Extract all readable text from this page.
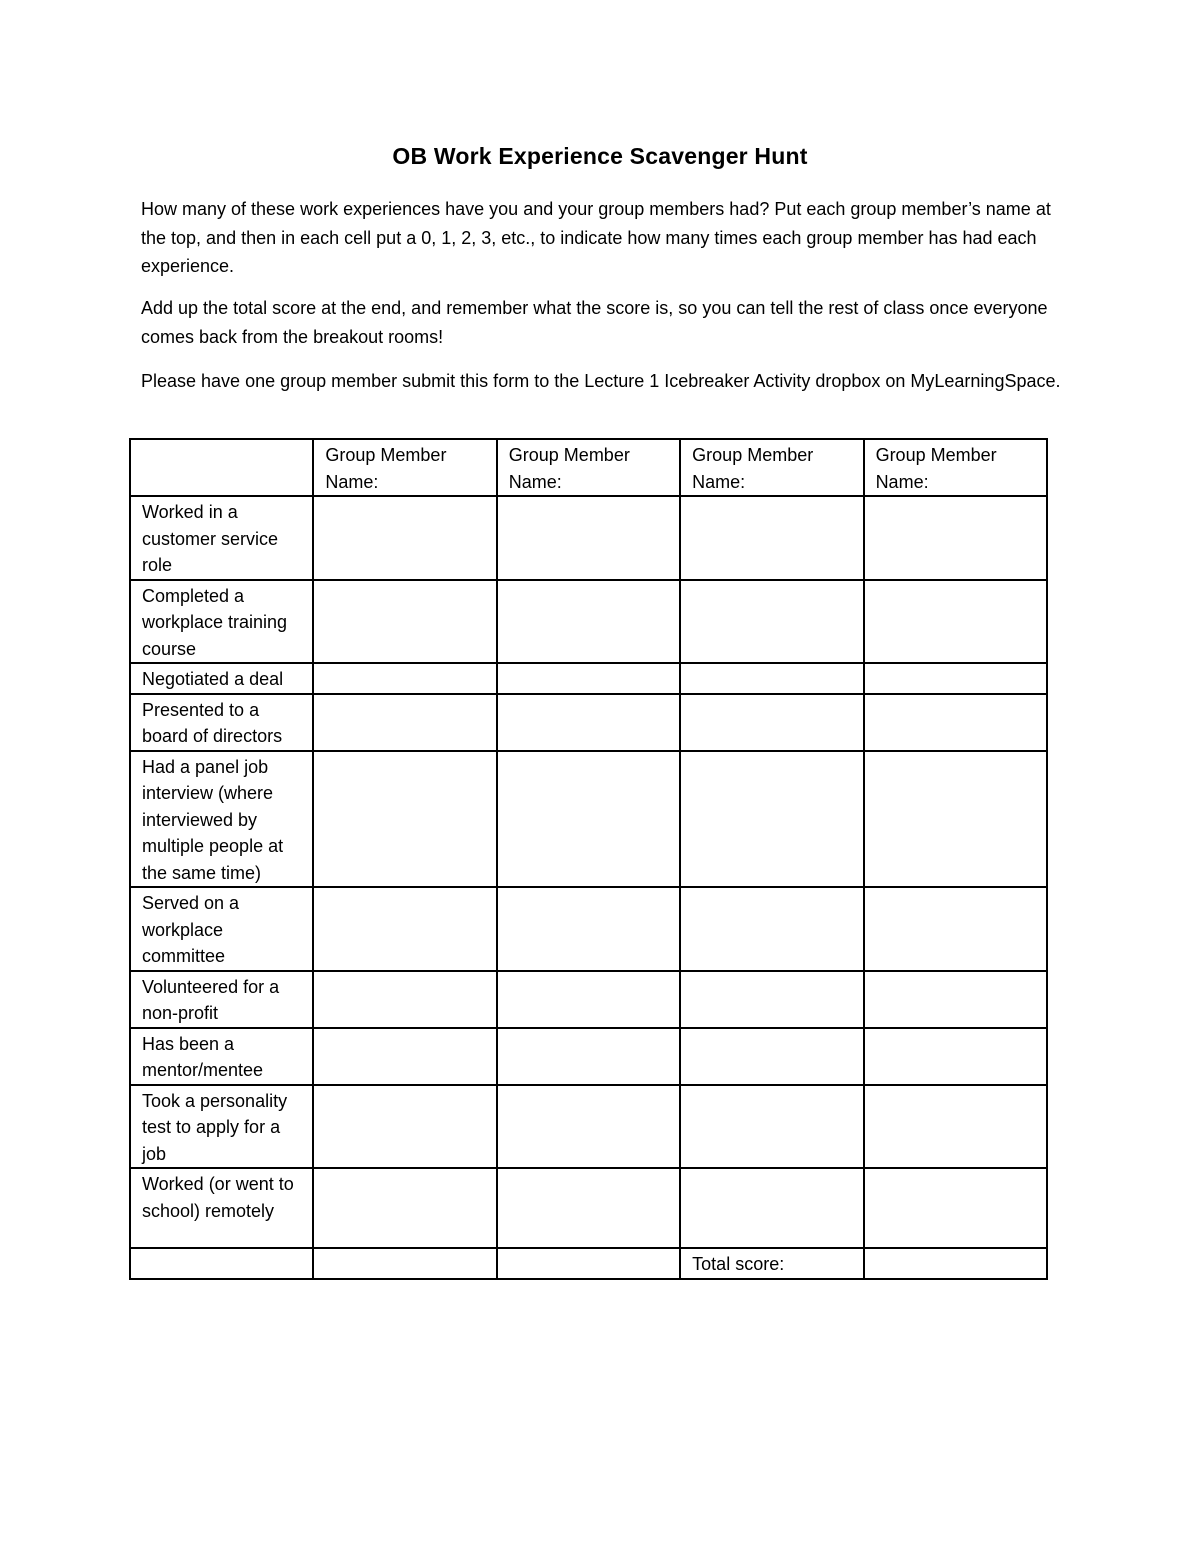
OB Work Experience Scavenger Hunt

How many of these work experiences have you and your group members had? Put each group member’s name at the top, and then in each cell put a 0, 1, 2, 3, etc., to indicate how many times each group member has had each experience.

Add up the total score at the end, and remember what the score is, so you can tell the rest of class once everyone comes back from the breakout rooms!

Please have one group member submit this form to the Lecture 1 Icebreaker Activity dropbox on MyLearningSpace.

	Group Member Name:	Group Member Name:	Group Member Name:	Group Member Name:
Worked in a customer service role				
Completed a workplace training course				
Negotiated a deal				
Presented to a board of directors				
Had a panel job interview (where interviewed by multiple people at the same time)				
Served on a workplace committee				
Volunteered for a non-profit				
Has been a mentor/mentee				
Took a personality test to apply for a job				
Worked (or went to school) remotely				
			Total score:	
